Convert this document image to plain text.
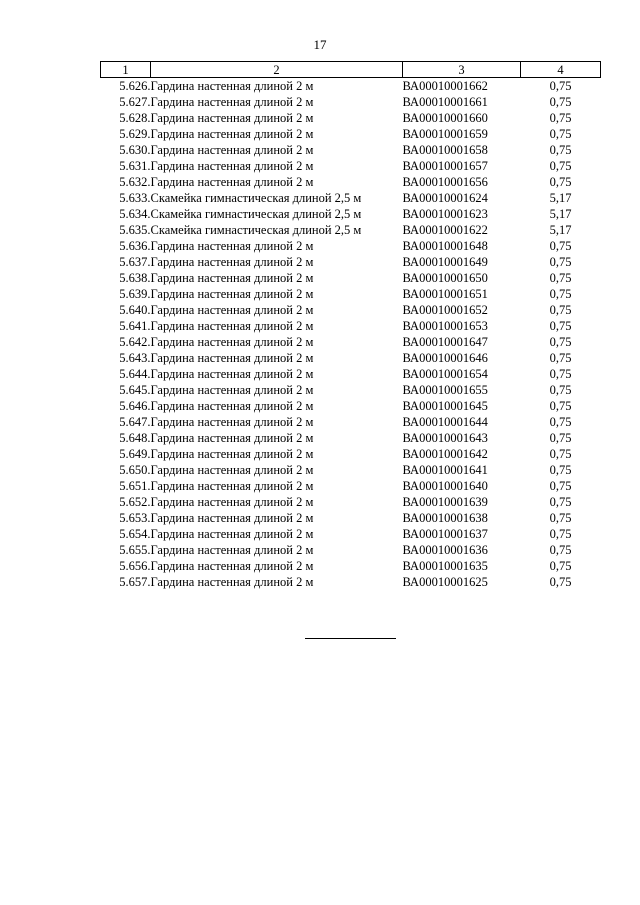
17
1	2	3	4
5.626.	Гардина настенная длиной 2 м	ВА00010001662	0,75
5.627.	Гардина настенная длиной 2 м	ВА00010001661	0,75
5.628.	Гардина настенная длиной 2 м	ВА00010001660	0,75
5.629.	Гардина настенная длиной 2 м	ВА00010001659	0,75
5.630.	Гардина настенная длиной 2 м	ВА00010001658	0,75
5.631.	Гардина настенная длиной 2 м	ВА00010001657	0,75
5.632.	Гардина настенная длиной 2 м	ВА00010001656	0,75
5.633.	Скамейка гимнастическая длиной 2,5 м	ВА00010001624	5,17
5.634.	Скамейка гимнастическая длиной 2,5 м	ВА00010001623	5,17
5.635.	Скамейка гимнастическая длиной 2,5 м	ВА00010001622	5,17
5.636.	Гардина настенная длиной 2 м	ВА00010001648	0,75
5.637.	Гардина настенная длиной 2 м	ВА00010001649	0,75
5.638.	Гардина настенная длиной 2 м	ВА00010001650	0,75
5.639.	Гардина настенная длиной 2 м	ВА00010001651	0,75
5.640.	Гардина настенная длиной 2 м	ВА00010001652	0,75
5.641.	Гардина настенная длиной 2 м	ВА00010001653	0,75
5.642.	Гардина настенная длиной 2 м	ВА00010001647	0,75
5.643.	Гардина настенная длиной 2 м	ВА00010001646	0,75
5.644.	Гардина настенная длиной 2 м	ВА00010001654	0,75
5.645.	Гардина настенная длиной 2 м	ВА00010001655	0,75
5.646.	Гардина настенная длиной 2 м	ВА00010001645	0,75
5.647.	Гардина настенная длиной 2 м	ВА00010001644	0,75
5.648.	Гардина настенная длиной 2 м	ВА00010001643	0,75
5.649.	Гардина настенная длиной 2 м	ВА00010001642	0,75
5.650.	Гардина настенная длиной 2 м	ВА00010001641	0,75
5.651.	Гардина настенная длиной 2 м	ВА00010001640	0,75
5.652.	Гардина настенная длиной 2 м	ВА00010001639	0,75
5.653.	Гардина настенная длиной 2 м	ВА00010001638	0,75
5.654.	Гардина настенная длиной 2 м	ВА00010001637	0,75
5.655.	Гардина настенная длиной 2 м	ВА00010001636	0,75
5.656.	Гардина настенная длиной 2 м	ВА00010001635	0,75
5.657.	Гардина настенная длиной 2 м	ВА00010001625	0,75
